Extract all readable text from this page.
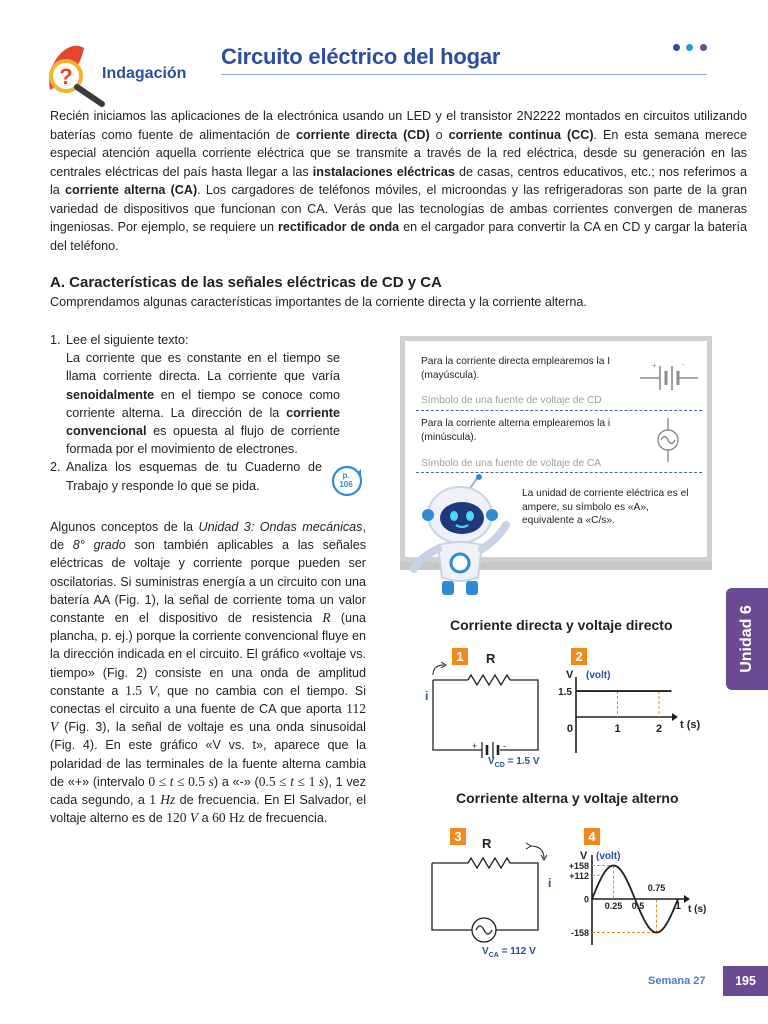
? Indagación
Circuito eléctrico del hogar

Recién iniciamos las aplicaciones de la electrónica usando un LED y el transistor 2N2222 montados en circuitos utilizando baterías como fuente de alimentación de corriente directa (CD) o corriente continua (CC). En esta semana merece especial atención aquella corriente eléctrica que se transmite a través de la red eléctrica, desde su generación en las centrales eléctricas del país hasta llegar a las instalaciones eléctricas de casas, centros educativos, etc.; nos referimos a la corriente alterna (CA). Los cargadores de teléfonos móviles, el microondas y las refrigeradoras son parte de la gran variedad de dispositivos que funcionan con CA. Verás que las tecnologías de ambas corrientes convergen de maneras ingeniosas. Por ejemplo, se requiere un rectificador de onda en el cargador para convertir la CA en CD y cargar la batería del teléfono.
A. Características de las señales eléctricas de CD y CA
Comprendamos algunas características importantes de la corriente directa y la corriente alterna.
1. Lee el siguiente texto:
La corriente que es constante en el tiempo se llama corriente directa. La corriente que varía senoidalmente en el tiempo se conoce como corriente alterna. La dirección de la corriente convencional es opuesta al flujo de corriente formada por el movimiento de electrones.
2. Analiza los esquemas de tu Cuaderno de Trabajo y responde lo que se pida.
p.
106
Algunos conceptos de la Unidad 3: Ondas mecánicas, de 8° grado son también aplicables a las señales eléctricas de voltaje y corriente porque pueden ser oscilatorias. Si suministras energía a un circuito con una batería AA (Fig. 1), la señal de corriente toma un valor constante en el dispositivo de resistencia R (una plancha, p. ej.) porque la corriente convencional fluye en la dirección indicada en el circuito. El gráfico «voltaje vs. tiempo» (Fig. 2) consiste en una onda de amplitud constante a 1.5 V, que no cambia con el tiempo. Si conectas el circuito a una fuente de CA que aporta 112 V (Fig. 3), la señal de voltaje es una onda sinusoidal (Fig. 4). En este gráfico «V vs. t», aparece que la polaridad de las terminales de la fuente alterna cambia de «+» (intervalo 0 ≤ t ≤ 0.5 s) a «-» (0.5 ≤ t ≤ 1 s), 1 vez cada segundo, a 1 Hz de frecuencia. En El Salvador, el voltaje alterno es de 120 V a 60 Hz de frecuencia.
Para la corriente directa emplearemos la I (mayúscula).
Símbolo de una fuente de voltaje de CD
Para la corriente alterna emplearemos la i (minúscula).
Símbolo de una fuente de voltaje de CA
+	-
La unidad de corriente eléctrica es el ampere, su símbolo es «A», equivalente a «C/s».
Corriente directa y voltaje directo
1	2
R
i
+	-
$V_{CD} = 1.5$ V
V (volt)
t (s)
1.5
0	1	2
Corriente alterna y voltaje alterno
3	4
R
i
$V_{CA} = 112$ V
V (volt)
t (s)
+158
+112
0
-158
0.25 0.5
0.75
1
Unidad 6
Semana 27	195
